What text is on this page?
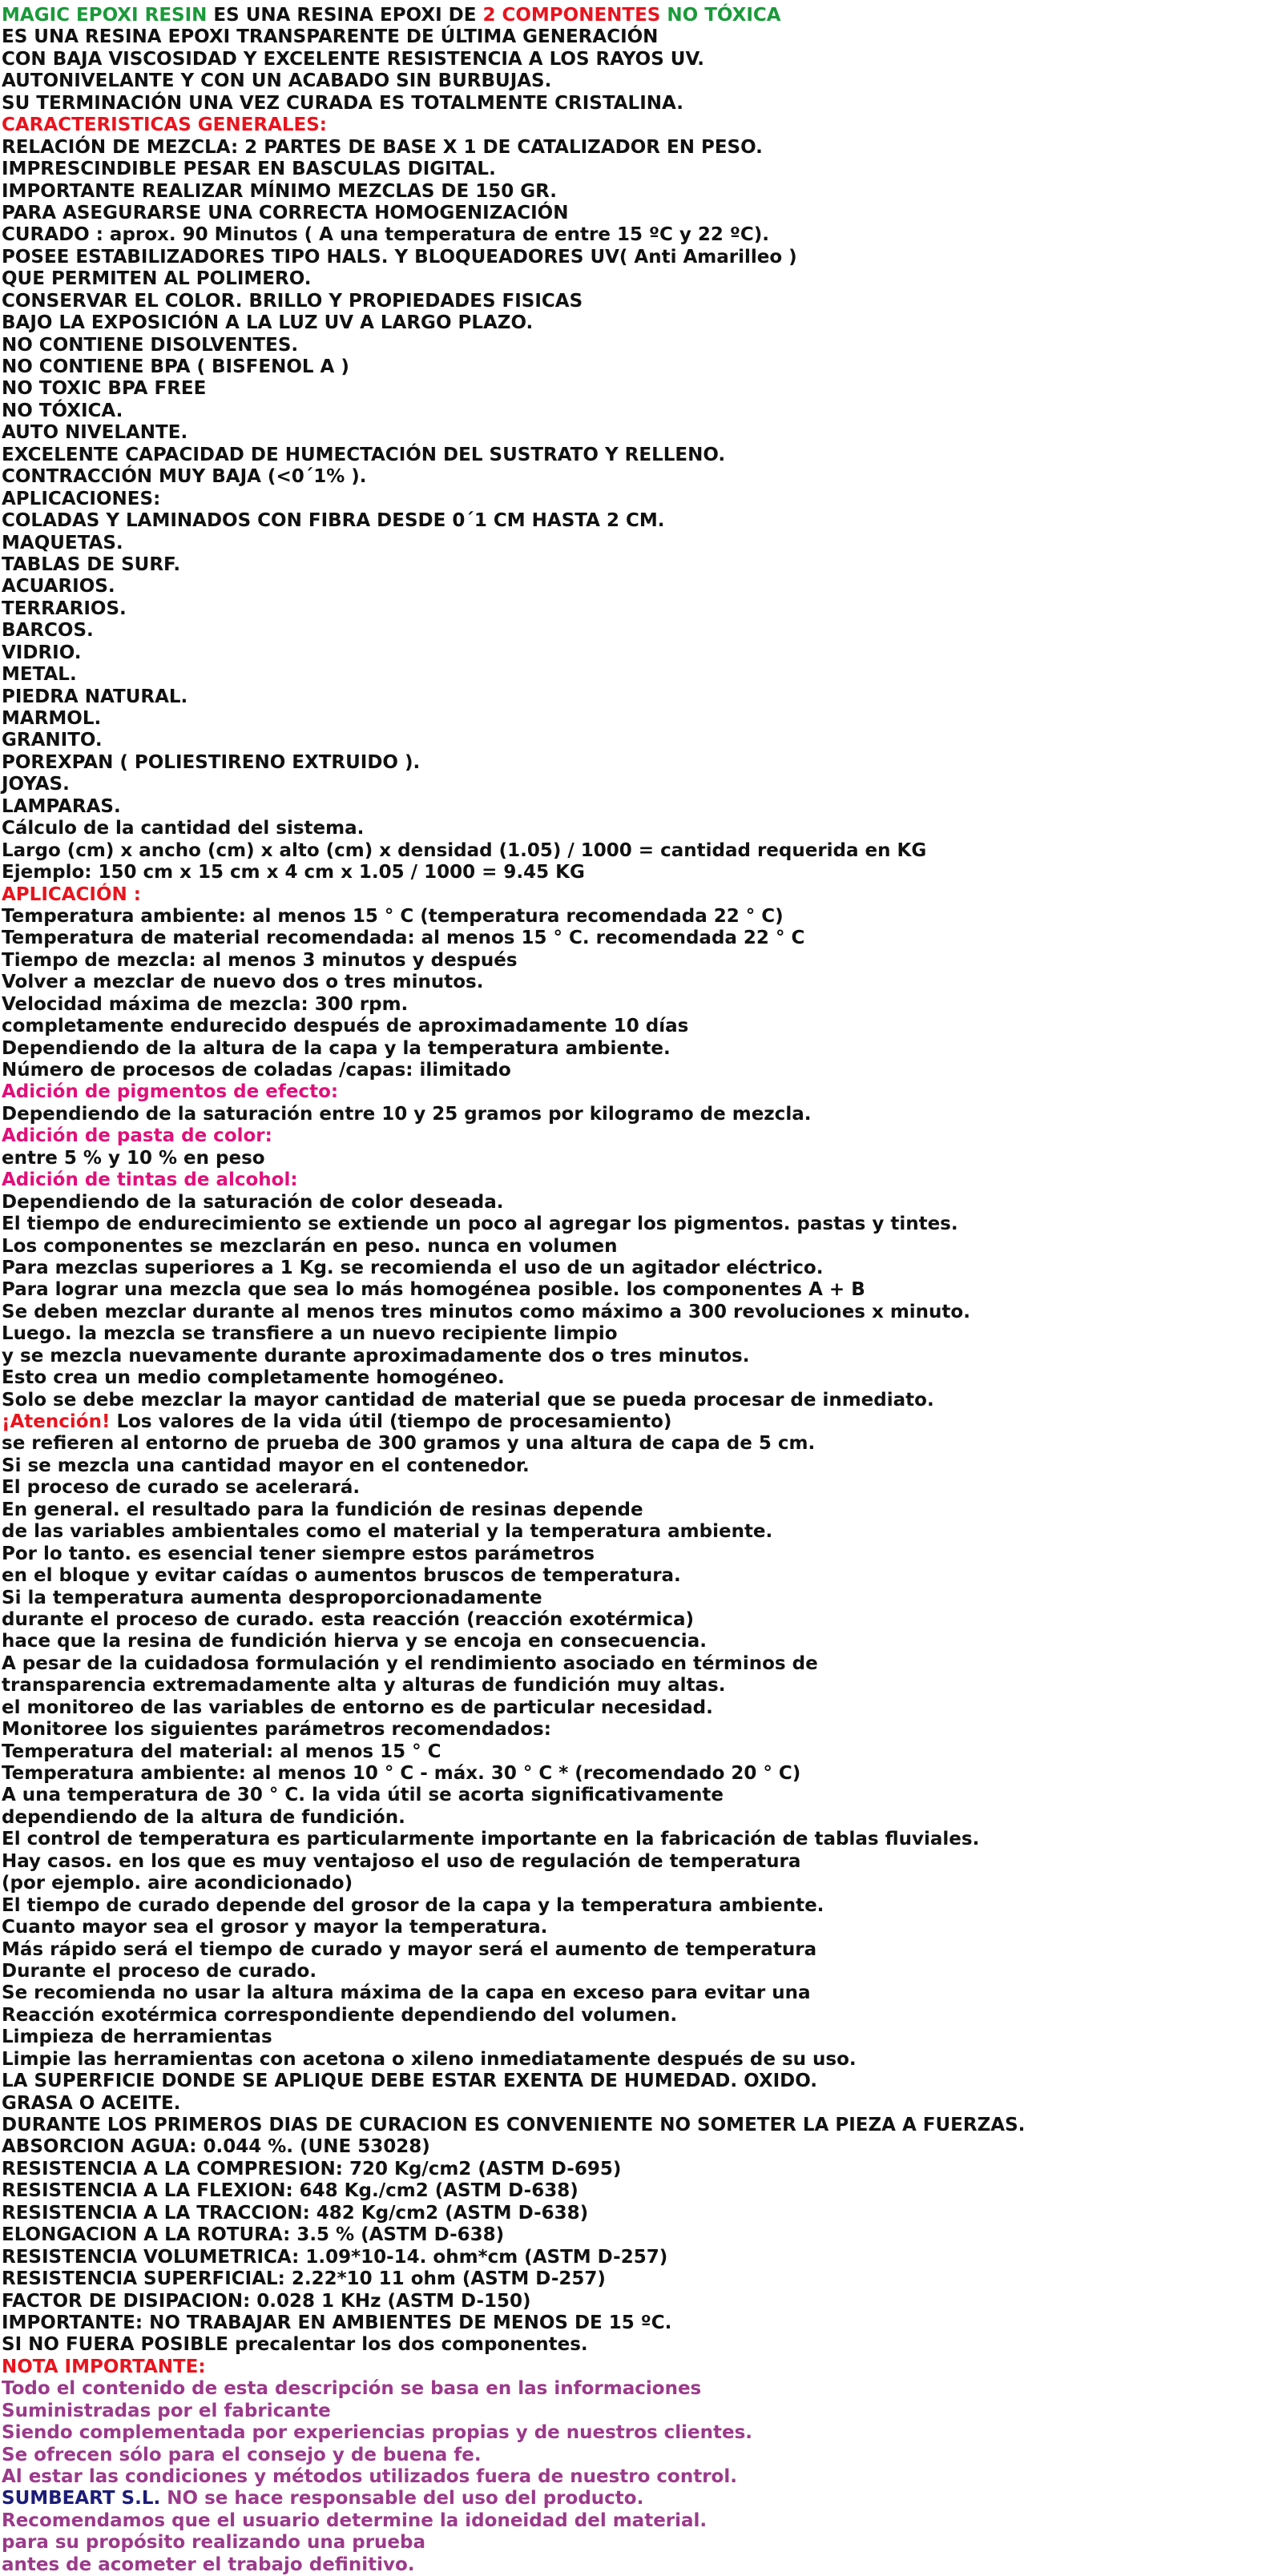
MAGIC EPOXI RESIN ES UNA RESINA EPOXI DE 2 COMPONENTES NO TÓXICA
ES UNA RESINA EPOXI TRANSPARENTE DE ÚLTIMA GENERACIÓN
CON BAJA VISCOSIDAD Y EXCELENTE RESISTENCIA A LOS RAYOS UV.
AUTONIVELANTE Y CON UN ACABADO SIN BURBUJAS.
SU TERMINACIÓN UNA VEZ CURADA ES TOTALMENTE CRISTALINA.
CARACTERISTICAS GENERALES:
RELACIÓN DE MEZCLA: 2 PARTES DE BASE X 1 DE CATALIZADOR EN PESO.
IMPRESCINDIBLE PESAR EN BASCULAS DIGITAL.
IMPORTANTE REALIZAR MÍNIMO MEZCLAS DE 150 GR.
PARA ASEGURARSE UNA CORRECTA HOMOGENIZACIÓN
CURADO : aprox. 90 Minutos ( A una temperatura de entre 15 ºC y 22 ºC).
POSEE ESTABILIZADORES TIPO HALS. Y BLOQUEADORES UV( Anti Amarilleo )
QUE PERMITEN AL POLIMERO.
CONSERVAR EL COLOR. BRILLO Y PROPIEDADES FISICAS
BAJO LA EXPOSICIÓN A LA LUZ UV A LARGO PLAZO.
NO CONTIENE DISOLVENTES.
NO CONTIENE BPA ( BISFENOL A )
NO TOXIC BPA FREE
NO TÓXICA.
AUTO NIVELANTE.
EXCELENTE CAPACIDAD DE HUMECTACIÓN DEL SUSTRATO Y RELLENO.
CONTRACCIÓN MUY BAJA (<0´1% ).
APLICACIONES:
COLADAS Y LAMINADOS CON FIBRA DESDE 0´1 CM HASTA 2 CM.
MAQUETAS.
TABLAS DE SURF.
ACUARIOS.
TERRARIOS.
BARCOS.
VIDRIO.
METAL.
PIEDRA NATURAL.
MARMOL.
GRANITO.
POREXPAN ( POLIESTIRENO EXTRUIDO ).
JOYAS.
LAMPARAS.
Cálculo de la cantidad del sistema.
Largo (cm) x ancho (cm) x alto (cm) x densidad (1.05) / 1000 = cantidad requerida en KG
Ejemplo: 150 cm x 15 cm x 4 cm x 1.05 / 1000 = 9.45 KG
APLICACIÓN :
Temperatura ambiente: al menos 15 ° C (temperatura recomendada 22 ° C)
Temperatura de material recomendada: al menos 15 ° C. recomendada 22 ° C
Tiempo de mezcla: al menos 3 minutos y después
Volver a mezclar de nuevo dos o tres minutos.
Velocidad máxima de mezcla: 300 rpm.
completamente endurecido después de aproximadamente 10 días
Dependiendo de la altura de la capa y la temperatura ambiente.
Número de procesos de coladas /capas: ilimitado
Adición de pigmentos de efecto:
Dependiendo de la saturación entre 10 y 25 gramos por kilogramo de mezcla.
Adición de pasta de color:
entre 5 % y 10 % en peso
Adición de tintas de alcohol:
Dependiendo de la saturación de color deseada.
El tiempo de endurecimiento se extiende un poco al agregar los pigmentos. pastas y tintes.
Los componentes se mezclarán en peso. nunca en volumen
Para mezclas superiores a 1 Kg. se recomienda el uso de un agitador eléctrico.
Para lograr una mezcla que sea lo más homogénea posible. los componentes A + B
Se deben mezclar durante al menos tres minutos como máximo a 300 revoluciones x minuto.
Luego. la mezcla se transfiere a un nuevo recipiente limpio
y se mezcla nuevamente durante aproximadamente dos o tres minutos.
Esto crea un medio completamente homogéneo.
Solo se debe mezclar la mayor cantidad de material que se pueda procesar de inmediato.
¡Atención! Los valores de la vida útil (tiempo de procesamiento)
se refieren al entorno de prueba de 300 gramos y una altura de capa de 5 cm.
Si se mezcla una cantidad mayor en el contenedor.
El proceso de curado se acelerará.
En general. el resultado para la fundición de resinas depende
de las variables ambientales como el material y la temperatura ambiente.
Por lo tanto. es esencial tener siempre estos parámetros
en el bloque y evitar caídas o aumentos bruscos de temperatura.
Si la temperatura aumenta desproporcionadamente
durante el proceso de curado. esta reacción (reacción exotérmica)
hace que la resina de fundición hierva y se encoja en consecuencia.
A pesar de la cuidadosa formulación y el rendimiento asociado en términos de
transparencia extremadamente alta y alturas de fundición muy altas.
el monitoreo de las variables de entorno es de particular necesidad.
Monitoree los siguientes parámetros recomendados:
Temperatura del material: al menos 15 ° C
Temperatura ambiente: al menos 10 ° C - máx. 30 ° C * (recomendado 20 ° C)
A una temperatura de 30 ° C. la vida útil se acorta significativamente
dependiendo de la altura de fundición.
El control de temperatura es particularmente importante en la fabricación de tablas fluviales.
Hay casos. en los que es muy ventajoso el uso de regulación de temperatura
(por ejemplo. aire acondicionado)
El tiempo de curado depende del grosor de la capa y la temperatura ambiente.
Cuanto mayor sea el grosor y mayor la temperatura.
Más rápido será el tiempo de curado y mayor será el aumento de temperatura
Durante el proceso de curado.
Se recomienda no usar la altura máxima de la capa en exceso para evitar una
Reacción exotérmica correspondiente dependiendo del volumen.
Limpieza de herramientas
Limpie las herramientas con acetona o xileno inmediatamente después de su uso.
LA SUPERFICIE DONDE SE APLIQUE DEBE ESTAR EXENTA DE HUMEDAD. OXIDO.
GRASA O ACEITE.
DURANTE LOS PRIMEROS DIAS DE CURACION ES CONVENIENTE NO SOMETER LA PIEZA A FUERZAS.
ABSORCION AGUA: 0.044 %. (UNE 53028)
RESISTENCIA A LA COMPRESION: 720 Kg/cm2 (ASTM D-695)
RESISTENCIA A LA FLEXION: 648 Kg./cm2 (ASTM D-638)
RESISTENCIA A LA TRACCION: 482 Kg/cm2 (ASTM D-638)
ELONGACION A LA ROTURA: 3.5 % (ASTM D-638)
RESISTENCIA VOLUMETRICA: 1.09*10-14. ohm*cm (ASTM D-257)
RESISTENCIA SUPERFICIAL: 2.22*10 11 ohm (ASTM D-257)
FACTOR DE DISIPACION: 0.028 1 KHz (ASTM D-150)
IMPORTANTE: NO TRABAJAR EN AMBIENTES DE MENOS DE 15 ºC.
SI NO FUERA POSIBLE precalentar los dos componentes.
NOTA IMPORTANTE:
Todo el contenido de esta descripción se basa en las informaciones
Suministradas por el fabricante
Siendo complementada por experiencias propias y de nuestros clientes.
Se ofrecen sólo para el consejo y de buena fe.
Al estar las condiciones y métodos utilizados fuera de nuestro control.
SUMBEART S.L. NO se hace responsable del uso del producto.
Recomendamos que el usuario determine la idoneidad del material.
para su propósito realizando una prueba
antes de acometer el trabajo definitivo.
